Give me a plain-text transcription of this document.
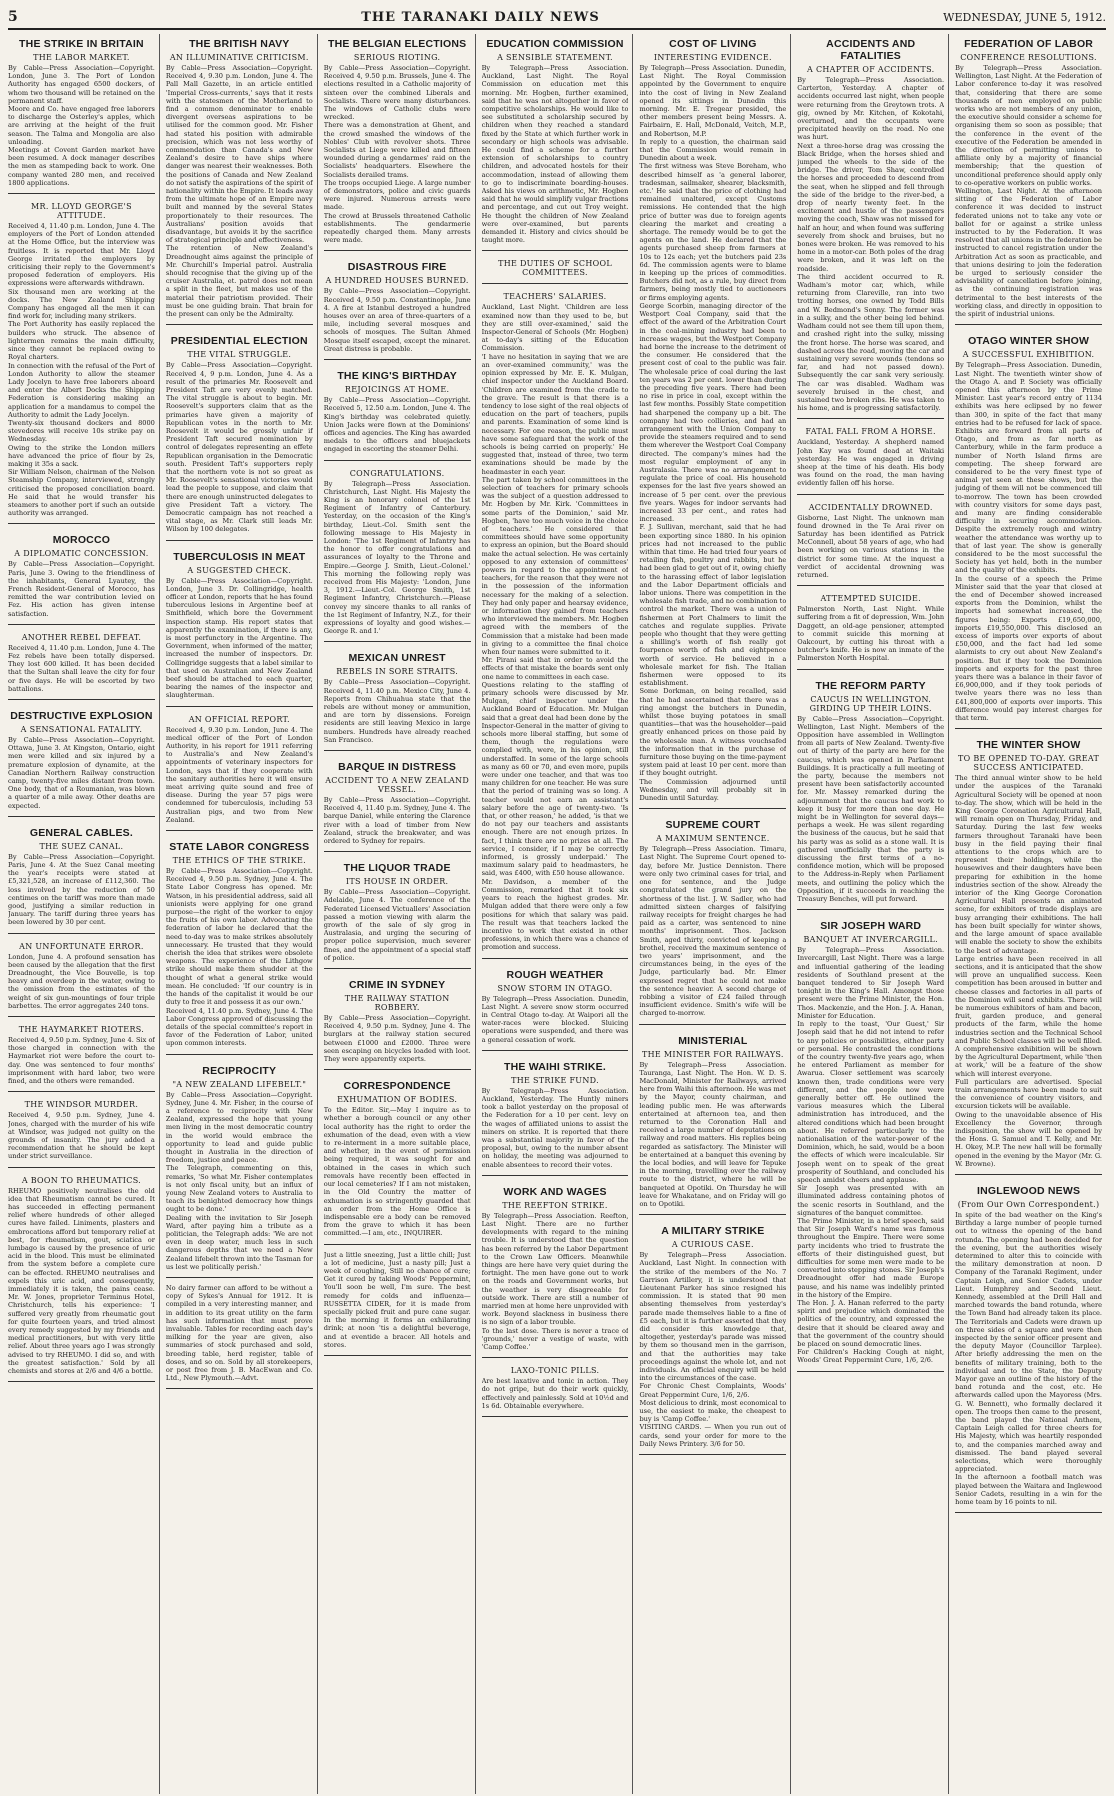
5	THE TARANAKI DAILY NEWS	WEDNESDAY, JUNE 5, 1912.
THE STRIKE IN BRITAIN
THE LABOR MARKET.

By Cable—Press Association—Copyright. London, June 3. The Port of London Authority has engaged 6500 dockers, of whom two thousand will be retained on the permanent staff.

Moore and Co. have engaged free laborers to discharge the Osterley's apples, which are arriving at the height of the fruit season. The Talma and Mongolia are also unloading.

Meetings at Covent Garden market have been resumed. A dock manager describes the men as stampeding back to work. One company wanted 280 men, and received 1800 applications.

MR. LLOYD GEORGE'S ATTITUDE.

Received 4, 11.40 p.m. London, June 4. The employers of the Port of London attended at the Home Office, but the interview was fruitless. It is reported that Mr. Lloyd George irritated the employers by criticising their reply to the Government's proposed federation of employers. His expressions were afterwards withdrawn.

Six thousand men are working at the docks. The New Zealand Shipping Company has engaged all the men it can find work for, including many strikers.

The Port Authority has easily replaced the builders who struck. The absence of lightermen remains the main difficulty, since they cannot be replaced owing to Royal charters.

In connection with the refusal of the Port of London Authority to allow the steamer Lady Jocelyn to have free laborers aboard and enter the Albert Docks the Shipping Federation is considering making an application for a mandamus to compel the Authority to admit the Lady Jocelyn.

Twenty-six thousand dockers and 8000 stevedores will receive 10s strike pay on Wednesday.

Owing to the strike the London millers have advanced the price of flour by 2s, making it 35s a sack.

Sir William Nelson, chairman of the Nelson Steamship Company, interviewed, strongly criticised the proposed conciliation board. He said that he would transfer his steamers to another port if such an outside authority was arranged.

MOROCCO
A DIPLOMATIC CONCESSION.

By Cable—Press Association—Copyright. Paris, June 3. Owing to the friendliness of the inhabitants, General Lyautey, the French Resident-General of Morocco, has remitted the war contribution levied on Fez. His action has given intense satisfaction.

ANOTHER REBEL DEFEAT.

Received 4, 11.40 p.m. London, June 4. The Fez rebels have been totally dispersed. They lost 600 killed. It has been decided that the Sultan shall leave the city for four or five days. He will be escorted by two battalions.

DESTRUCTIVE EXPLOSION
A SENSATIONAL FATALITY.

By Cable—Press Association—Copyright. Ottawa, June 3. At Kingston, Ontario, eight men were killed and six injured by a premature explosion of dynamite, at the Canadian Northern Railway construction camp, twenty-five miles distant from town. One body, that of a Roumanian, was blown a quarter of a mile away. Other deaths are expected.

GENERAL CABLES.
THE SUEZ CANAL.

By Cable—Press Association—Copyright. Paris, June 4. At the Suez Canal meeting the year's receipts were stated at £5,321,528, an increase of £112,360. The loss involved by the reduction of 50 centimes on the tariff was more than made good, justifying a similar reduction in January. The tariff during three years has been lowered by 30 per cent.

AN UNFORTUNATE ERROR.

London, June 4. A profound sensation has been caused by the allegation that the first Dreadnought, the Vice Bouvelle, is top heavy and overdeep in the water, owing to the omission from the estimates of the weight of six gun-mountings of four triple barbettes. The error aggregates 240 tons.

THE HAYMARKET RIOTERS.

Received 4, 9.50 p.m. Sydney, June 4. Six of those charged in connection with the Haymarket riot were before the court to-day. One was sentenced to four months' imprisonment with hard labor, two were fined, and the others were remanded.

THE WINDSOR MURDER.

Received 4, 9.50 p.m. Sydney, June 4. Jones, charged with the murder of his wife at Windsor, was judged not guilty on the grounds of insanity. The jury added a recommendation that he should be kept under strict surveillance.

A BOON TO RHEUMATICS.

RHEUMO positively neutralises the old idea that Rheumatism cannot be cured. It has succeeded in effecting permanent relief where hundreds of other alleged cures have failed. Liniments, plasters and embrocations afford but temporary relief at best, for rheumatism, gout, sciatica or lumbago is caused by the presence of uric acid in the blood. This must be eliminated from the system before a complete cure can be effected. RHEUMO neutralises and expels this uric acid, and consequently, immediately it is taken, the pains cease. Mr. W. Jones, proprietor Terminus Hotel, Christchurch, tells his experience: 'I suffered very greatly from rheumatic gout for quite fourteen years, and tried almost every remedy suggested by my friends and medical practitioners, but with very little relief. About three years ago I was strongly advised to try RHEUMO. I did so, and with the greatest satisfaction.' Sold by all chemists and stores at 2/6 and 4/6 a bottle.

THE BRITISH NAVY
AN ILLUMINATIVE CRITICISM.

By Cable—Press Association—Copyright. Received 4, 9.30 p.m. London, June 4. The Pall Mall Gazette, in an article entitled 'Imperial Cross-currents,' says that it rests with the statesmen of the Motherland to find a common denominator to enable divergent overseas aspirations to be utilised for the common good. Mr. Fisher had stated his position with admirable precision, which was not less worthy of commendation than Canada's and New Zealand's desire to have ships where danger was nearest their weaknesses. Both the positions of Canada and New Zealand do not satisfy the aspirations of the spirit of nationality within the Empire. It leads away from the ultimate hope of an Empire navy built and manned by the several States proportionately to their resources. The Australians' position avoids that disadvantage, but avoids it by the sacrifice of strategical principle and effectiveness.

The retention of New Zealand's Dreadnought aims against the principle of Mr. Churchill's Imperial patrol. Australia should recognise that the giving up of the cruiser Australia, et. patrol does not mean a split in the fleet, but makes use of the material their patriotism provided. Their must be one guiding brain. That brain for the present can only be the Admiralty.

PRESIDENTIAL ELECTION
THE VITAL STRUGGLE.

By Cable—Press Association—Copyright. Received 4, 9 p.m. London, June 4. As a result of the primaries Mr. Roosevelt and President Taft are very evenly matched. The vital struggle is about to begin. Mr. Roosevelt's supporters claim that as the primaries have given a majority of Republican votes in the north to Mr. Roosevelt it would be grossly unfair if President Taft secured nomination by control of delegates representing an effete Republican organisation in the Democratic south. President Taft's supporters reply that the northern vote is not so great as Mr. Roosevelt's sensational victories would lead the people to suppose, and claim that there are enough uninstructed delegates to give President Taft a victory. The Democratic campaign has not reached a vital stage, as Mr. Clark still leads Mr. Wilson by 100 delegates.

TUBERCULOSIS IN MEAT
A SUGGESTED CHECK.

By Cable—Press Association—Copyright. London, June 3. Dr. Collingridge, health officer at London, reports that he has found tuberculous lesions in Argentine beef at Smithfield, which bore the Government inspection stamp. His report states that apparently the examination, if there is any, is most perfunctory in the Argentine. The Government, when informed of the matter, increased the number of inspectors. Dr. Collingridge suggests that a label similar to that used on Australian and New Zealand beef should be attached to each quarter, bearing the names of the inspector and slaughterman.

AN OFFICIAL REPORT.

Received 4, 9.30 p.m. London, June 4. The medical officer of the Port of London Authority, in his report for 1911 referring to Australia's and New Zealand's appointments of veterinary inspectors for London, says that if they cooperate with the sanitary authorities here it will ensure meat arriving quite sound and free of disease. During the year 57 pigs were condemned for tuberculosis, including 53 Australian pigs, and two from New Zealand.

STATE LABOR CONGRESS
THE ETHICS OF THE STRIKE.

By Cable—Press Association—Copyright. Received 4, 9.50 p.m. Sydney, June 4. The State Labor Congress has opened. Mr. Watson, in his presidential address, said all unionists were applying for one grand purpose—the right of the worker to enjoy the fruits of his own labor. Advocating the federation of labor he declared that the need to-day was to make strikes absolutely unnecessary. He trusted that they would cherish the idea that strikes were obsolete weapons. The experience of the Lithgow strike should make them shudder at the thought of what a general strike would mean. He concluded: 'If our country is in the hands of the capitalist it would be our duty to free it and possess it as our own.'

Received 4, 11.40 p.m. Sydney, June 4. The Labor Congress approved of discussing the details of the special committee's report in favor of the Federation of Labor, united upon common interests.

RECIPROCITY
"A NEW ZEALAND LIFEBELT."

By Cable—Press Association—Copyright. Sydney, June 4. Mr. Fisher, in the course of a reference to reciprocity with New Zealand, expressed the hope that young men living in the most democratic country in the world would embrace the opportunity to lead and guide public thought in Australia in the direction of freedom, justice and peace.

The Telegraph, commenting on this, remarks, 'So what Mr. Fisher contemplates is not only fiscal unity, but an influx of young New Zealand voters to Australia to teach its benighted democracy how things ought to be done.'

Dealing with the invitation to Sir Joseph Ward, after paying him a tribute as a politician, the Telegraph adds: 'We are not even in deep water, much less in such dangerous depths that we need a New Zealand lifebelt thrown into the Tasman for us lest we politically perish.'

No dairy farmer can afford to be without a copy of Sykes's Annual for 1912. It is compiled in a very interesting manner, and in addition to its great utility on the farm has such information that must prove invaluable. Tables for recording each day's milking for the year are given, also summaries of stock purchased and sold, breeding table, herd register, table of doses, and so on. Sold by all storekeepers, or post free from J. B. MacEwan and Co. Ltd., New Plymouth.—Advt.

THE BELGIAN ELECTIONS
SERIOUS RIOTING.

By Cable—Press Association—Copyright. Received 4, 9.50 p.m. Brussels, June 4. The elections resulted in a Catholic majority of sixteen over the combined Liberals and Socialists. There were many disturbances. The windows of Catholic clubs were wrecked.

There was a demonstration at Ghent, and the crowd smashed the windows of the Nobles' Club with revolver shots. Three Socialists at Liege were killed and fifteen wounded during a gendarmes' raid on the Socialists' headquarters. Elsewhere the Socialists derailed trams.

The troops occupied Liege. A large number of demonstrators, police and civic guards were injured. Numerous arrests were made.

The crowd at Brussels threatened Catholic establishments. The gendarmerie repeatedly charged them. Many arrests were made.

DISASTROUS FIRE
A HUNDRED HOUSES BURNED.

By Cable—Press Association—Copyright. Received 4, 9.50 p.m. Constantinople, June 4. A fire at Istanbul destroyed a hundred houses over an area of three-quarters of a mile, including several mosques and schools of mosques. The Sultan Ahmed Mosque itself escaped, except the minaret. Great distress is probable.

THE KING'S BIRTHDAY
REJOICINGS AT HOME.

By Cable—Press Association—Copyright. Received 5, 12.50 a.m. London, June 4. The King's birthday was celebrated quietly. Union Jacks were flown at the Dominions' offices and agencies. The King has awarded medals to the officers and bluejackets engaged in escorting the steamer Delhi.

CONGRATULATIONS.

By Telegraph—Press Association. Christchurch, Last Night. His Majesty the King is an honorary colonel of the 1st Regiment of Infantry of Canterbury. Yesterday, on the occasion of the King's birthday, Lieut.-Col. Smith sent the following message to His Majesty in London: 'The 1st Regiment of Infantry has the honor to offer congratulations and assurances of loyalty to the Throne and Empire.—George J. Smith, Lieut.-Colonel.' This morning the following reply was received from His Majesty: 'London, June 3, 1912.—Lieut.-Col. George Smith, 1st Regiment Infantry, Christchurch.—Please convey my sincere thanks to all ranks of the 1st Regiment of Infantry, N.Z., for their expressions of loyalty and good wishes.—George R. and I.'

MEXICAN UNREST
REBELS IN SORE STRAITS.

By Cable—Press Association—Copyright. Received 4, 11.40 p.m. Mexico City, June 4. Reports from Chihuahua state that the rebels are without money or ammunition, and are torn by dissensions. Foreign residents are still leaving Mexico in large numbers. Hundreds have already reached San Francisco.

BARQUE IN DISTRESS
ACCIDENT TO A NEW ZEALAND VESSEL.

By Cable—Press Association—Copyright. Received 4, 11.40 p.m. Sydney, June 4. The barque Daniel, while entering the Clarence river with a load of timber from New Zealand, struck the breakwater, and was ordered to Sydney for repairs.

THE LIQUOR TRADE
ITS HOUSE IN ORDER.

By Cable—Press Association—Copyright. Adelaide, June 4. The conference of the Federated Licensed Victuallers' Association passed a motion viewing with alarm the growth of the sale of sly grog in Australasia, and urging the securing of proper police supervision, much severer fines, and the appointment of a special staff of police.

CRIME IN SYDNEY
THE RAILWAY STATION ROBBERY.

By Cable—Press Association—Copyright. Received 4, 9.50 p.m. Sydney, June 4. The burglars at the railway station secured between £1000 and £2000. Three were seen escaping on bicycles loaded with loot. They were apparently experts.

CORRESPONDENCE
EXHUMATION OF BODIES.

To the Editor. Sir,—May I inquire as to whether a borough council or any other local authority has the right to order the exhumation of the dead, even with a view to re-interment in a more suitable place, and whether, in the event of permission being required, it was sought for and obtained in the cases in which such removals have recently been effected in our local cemeteries? If I am not mistaken, in the Old Country the matter of exhumation is so stringently guarded that an order from the Home Office is indispensable ere a body can be removed from the grave to which it has been committed.—I am, etc., INQUIRER.

Just a little sneezing, Just a little chill; Just a lot of medicine, Just a nasty pill; Just a week of coughing, Still no chance of cure; Get it cured by taking Woods' Peppermint, You'll soon be well, I'm sure. The best remedy for colds and influenza—RUSSETTA CIDER, for it is made from specially picked fruit and pure cane sugar. In the morning it forms an exhilarating drink; at noon 'tis a delightful beverage, and at eventide a bracer. All hotels and stores.

EDUCATION COMMISSION
A SENSIBLE STATEMENT.

By Telegraph—Press Association. Auckland, Last Night. The Royal Commission on education met this morning. Mr. Hogben, further examined, said that he was not altogether in favor of competitive scholarships. He would like to see substituted a scholarship secured by children when they reached a standard fixed by the State at which further work in secondary or high schools was advisable. He could find a scheme for a further extension of scholarships to country children, and advocated hostels for their accommodation, instead of allowing them to go to indiscriminate boarding-houses. Asked his views on arithmetic, Mr. Hogben said that he would simplify vulgar fractions and percentage, and cut out Troy weight. He thought the children of New Zealand were over-examined, but parents demanded it. History and civics should be taught more.

THE DUTIES OF SCHOOL COMMITTEES.
TEACHERS' SALARIES.

Auckland, Last Night. 'Children are less examined now than they used to be, but they are still over-examined,' said the Inspector-General of Schools (Mr. Hogben) at to-day's sitting of the Education Commission.

'I have no hesitation in saying that we are an over-examined community,' was the opinion expressed by Mr. E. K. Mulgan, chief inspector under the Auckland Board. 'Children are examined from the cradle to the grave. The result is that there is a tendency to lose sight of the real objects of education on the part of teachers, pupils and parents. Examination of some kind is necessary. For one reason, the public must have some safeguard that the work of the schools is being carried on properly.' He suggested that, instead of three, two term examinations should be made by the headmaster in each year.

The part taken by school committees in the selection of teachers for primary schools was the subject of a question addressed to Mr. Hogben by Mr. Kirk. 'Committees in some parts of the Dominion,' said Mr. Hogben, 'have too much voice in the choice of teachers.' He considered that committees should have some opportunity to express an opinion, but the Board should make the actual selection. He was certainly opposed to any extension of committees' powers in regard to the appointment of teachers, for the reason that they were not in the possession of the information necessary for the making of a selection. They had only paper and hearsay evidence, or information they gained from teachers who interviewed the members. Mr. Hogben agreed with the members of the Commission that a mistake had been made in giving to a committee the final choice when four names were submitted to it.

Mr. Pirani said that in order to avoid the effects of that mistake the boards sent only one name to committees in each case.

Questions relating to the staffing of primary schools were discussed by Mr. Mulgan, chief inspector under the Auckland Board of Education. Mr. Mulgan said that a great deal had been done by the Inspector-General in the matter of giving to schools more liberal staffing, but some of them, though the regulations were complied with, were, in his opinion, still understaffed. In some of the large schools as many as 60 or 70, and even more, pupils were under one teacher, and that was too many children for one teacher. He was sure that the period of training was so long. A teacher would not earn an assistant's salary before the age of twenty-two. 'Is that, or other reason,' he added, 'is that we do not pay our teachers and assistants enough. There are not enough prizes. In fact, I think there are no prizes at all. The service, I consider, if I may be correctly informed, is grossly underpaid.' The maximum salary paid to headmasters, he said, was £400, with £50 house allowance.

Mr. Davidson, a member of the Commission, remarked that it took six years to reach the highest grades. Mr. Mulgan added that there were only a few positions for which that salary was paid. The result was that teachers lacked the incentive to work that existed in other professions, in which there was a chance of promotion and success.

ROUGH WEATHER
SNOW STORM IN OTAGO.

By Telegraph—Press Association. Dunedin, Last Night. A severe snow storm occurred in Central Otago to-day. At Waipori all the water-races were blocked. Sluicing operations were suspended, and there was a general cessation of work.

THE WAIHI STRIKE.
THE STRIKE FUND.

By Telegraph—Press Association. Auckland, Yesterday. The Huntly miners took a ballot yesterday on the proposal of the Federation for a 10 per cent. levy on the wages of affiliated unions to assist the miners on strike. It is reported that there was a substantial majority in favor of the proposal, but, owing to the number absent on holiday, the meeting was adjourned to enable absentees to record their votes.

WORK AND WAGES
THE REEFTON STRIKE.

By Telegraph—Press Association. Reefton, Last Night. There are no further developments with regard to the mining trouble. It is understood that the question has been referred by the Labor Department to the Crown Law Officers. Meanwhile things are here have very quiet during the fortnight. The men have gone out to work on the roads and Government works, but the weather is very disagreeable for outside work. There are still a number of married men at home here unprovided with work. Beyond slackness in business there is no sign of a labor trouble.

To the last dose. There is never a trace of 'grounds,' never a vestige of waste, with 'Camp Coffee.'

LAXO-TONIC PILLS.

Are best laxative and tonic in action. They do not gripe, but do their work quickly, effectively and painlessly. Sold at 10½d and 1s 6d. Obtainable everywhere.

COST OF LIVING
INTERESTING EVIDENCE.

By Telegraph—Press Association. Dunedin, Last Night. The Royal Commission appointed by the Government to enquire into the cost of living in New Zealand opened its sittings in Dunedin this morning. Mr. E. Tregear presided, the other members present being Messrs. A. Fairbairn, E. Hall, McDonald, Veitch, M.P., and Robertson, M.P.

In reply to a question, the chairman said that the Commission would remain in Dunedin about a week.

The first witness was Steve Boreham, who described himself as 'a general laborer, tradesman, sailmaker, shearer, blacksmith, etc.' He said that the price of clothing had remained unaltered, except Customs remissions. He contended that the high price of butter was due to foreign agents clearing the market and creating a shortage. The remedy would be to get the agents on the land. He declared that the agents purchased sheep from farmers at 10s to 12s each; yet the butchers paid 23s 6d. The commission agents were to blame in keeping up the prices of commodities. Butchers did not, as a rule, buy direct from farmers, being mostly tied to auctioneers or firms employing agents.

George Scorbin, managing director of the Westport Coal Company, said that the effect of the award of the Arbitration Court in the coal-mining industry had been to increase wages, but the Westport Company had borne the increase to the detriment of the consumer. He considered that the present cost of coal to the public was fair. The wholesale price of coal during the last ten years was 2 per cent. lower than during the preceding five years. There had been no rise in price in coal, except within the last few months. Possibly State competition had sharpened the company up a bit. The company had two collieries, and had an arrangement with the Union Company to provide the steamers required and to send them wherever the Westport Coal Company directed. The company's mines had the most regular employment of any in Australasia. There was no arrangement to regulate the price of coal. His household expenses for the last five years showed an increase of 5 per cent. over the previous five years. Wages for indoor servants had increased 33 per cent., and rates had increased.

F. J. Sullivan, merchant, said that he had been exporting since 1880. In his opinion prices had not increased to the public within that time. He had tried four years of retailing fish, poultry and rabbits, but he had been glad to get out of it, owing chiefly to the harassing effect of labor legislation and the Labor Department officials and labor unions. There was competition in the wholesale fish trade, and no combination to control the market. There was a union of fishermen at Port Chalmers to limit the catches and regulate supplies. Private people who thought that they were getting a shilling's worth of fish really got fourpence worth of fish and eightpence worth of service. He believed in a wholesale market for fish. The Italian fishermen were opposed to its establishment.

Some Dorkman, on being recalled, said that he had ascertained that there was a ring amongst the butchers in Dunedin, whilst those buying potatoes in small quantities—that was the householder—paid greatly enhanced prices on those paid by the wholesale man. A witness vouchsafed the information that in the purchase of furniture those buying on the time-payment system paid at least 10 per cent. more than if they bought outright.

The Commission adjourned until Wednesday, and will probably sit in Dunedin until Saturday.

SUPREME COURT
A MAXIMUM SENTENCE.

By Telegraph—Press Association. Timaru, Last Night. The Supreme Court opened to-day, before Mr. Justice Denniston. There were only two criminal cases for trial, and one for sentence, and the Judge congratulated the grand jury on the shortness of the list. J. W. Sadler, who had admitted sixteen charges of falsifying railway receipts for freight charges he had paid as a carter, was sentenced to nine months' imprisonment. Thos. Jackson Smith, aged thirty, convicted of keeping a brothel, received the maximum sentence of two years' imprisonment, and the circumstances being, in the eyes of the Judge, particularly bad. Mr. Elmer expressed regret that he could not make the sentence heavier. A second charge of robbing a visitor of £24 failed through insufficient evidence. Smith's wife will be charged to-morrow.

MINISTERIAL
THE MINISTER FOR RAILWAYS.

By Telegraph—Press Association. Tauranga, Last Night. The Hon. W. D. S. MacDonald, Minister for Railways, arrived here from Waihi this afternoon. He was met by the Mayor, county chairman, and leading public men. He was afterwards entertained at afternoon tea, and then returned to the Coronation Hall and received a large number of deputations on railway and road matters. His replies being regarded as satisfactory. The Minister will be entertained at a banquet this evening by the local bodies, and will leave for Tepuke in the morning, travelling over the railway route to the district, where he will be banqueted at Opotiki. On Thursday he will leave for Whakatane, and on Friday will go on to Opotiki.

A MILITARY STRIKE
A CURIOUS CASE.

By Telegraph—Press Association. Auckland, Last Night. In connection with the strike of the members of the No. 7 Garrison Artillery, it is understood that Lieutenant Parker has since resigned his commission. It is stated that 90 men absenting themselves from yesterday's parade made themselves liable to a fine of £5 each, but it is further asserted that they did consider this knowledge that, altogether, yesterday's parade was missed by them so thousand men in the garrison, and that the authorities may take proceedings against the whole lot, and not individuals. An official enquiry will be held into the circumstances of the case.

For Chronic Chest Complaints, Woods' Great Peppermint Cure, 1/6, 2/6.

Most delicious to drink, most economical to use, the easiest to make, the cheapest to buy is 'Camp Coffee.'

VISITING CARDS. — When you run out of cards, send your order for more to the Daily News Printery. 3/6 for 50.

ACCIDENTS AND FATALITIES
A CHAPTER OF ACCIDENTS.

By Telegraph—Press Association. Carterton, Yesterday. A chapter of accidents occurred last night, when people were returning from the Greytown trots. A gig, owned by Mr. Kitchen, of Kokotahi, overturned, and the occupants were precipitated heavily on the road. No one was hurt.

Next a three-horse drag was crossing the Black Bridge, when the horses shied and jumped the wheels to the side of the bridge. The driver, Tom Shaw, controlled the horses and proceeded to descend from the seat, when he slipped and fell through the side of the bridge to the river-bed, a drop of nearly twenty feet. In the excitement and hustle of the passengers moving the coach, Shaw was not missed for half an hour, and when found was suffering severely from shock and bruises, but no bones were broken. He was removed to his home in a motor-car. Both poles of the drag were broken, and it was left on the roadside.

The third accident occurred to R. Wadham's motor car, which, while returning from Clareville, ran into two trotting horses, one owned by Todd Bills and W. Bedmond's Sonny. The former was in a sulky, and the other being led behind. Wadham could not see them till upon them, and crashed right into the sulky, missing the front horse. The horse was scared, and dashed across the road, moving the car and sustaining very severe wounds (tendons so far, and had not passed down). Subsequently the car sank very seriously. The car was disabled. Wadham was severely bruised in the chest, and sustained two broken ribs. He was taken to his home, and is progressing satisfactorily.

FATAL FALL FROM A HORSE.

Auckland, Yesterday. A shepherd named John Kay was found dead at Waitaki yesterday. He was engaged in driving sheep at the time of his death. His body was found on the road, the man having evidently fallen off his horse.

ACCIDENTALLY DROWNED.

Gisborne, Last Night. The unknown man found drowned in the Te Arai river on Saturday has been identified as Patrick McConnell, about 58 years of age, who had been working on various stations in the district for some time. At the inquest a verdict of accidental drowning was returned.

ATTEMPTED SUICIDE.

Palmerston North, Last Night. While suffering from a fit of depression, Wm. John Daggett, an old-age pensioner, attempted to commit suicide this morning at Oakcourt, by cutting his throat with a butcher's knife. He is now an inmate of the Palmerston North Hospital.

THE REFORM PARTY
CAUCUS IN WELLINGTON. GIRDING UP THEIR LOINS.

By Cable—Press Association—Copyright. Wellington, Last Night. Members of the Opposition have assembled in Wellington from all parts of New Zealand. Twenty-five out of thirty of the party are here for the caucus, which was opened in Parliament Buildings. It is practically a full meeting of the party, because the members not present have been satisfactorily accounted for. Mr. Massey remarked during the adjournment that the caucus had work to keep it busy for more than one day. He might be in Wellington for several days—perhaps a week. He was silent regarding the business of the caucus, but he said that his party was as solid as a stone wall. It is gathered unofficially that the party is discussing the first terms of a no-confidence motion, which will be proposed to the Address-in-Reply when Parliament meets, and outlining the policy which the Opposition, if it succeeds in reaching the Treasury Benches, will put forward.

SIR JOSEPH WARD
BANQUET AT INVERCARGILL.

By Telegraph—Press Association. Invercargill, Last Night. There was a large and influential gathering of the leading residents of Southland present at the banquet tendered to Sir Joseph Ward tonight in the King's Hall. Amongst those present were the Prime Minister, the Hon. Thos. Mackenzie, and the Hon. J. A. Hanan, Minister for Education.

In reply to the toast, 'Our Guest,' Sir Joseph said that he did not intend to refer to any policies or possibilities, either party or personal. He contrasted the conditions of the country twenty-five years ago, when he entered Parliament as member for Awarua. Closer settlement was scarcely known then, trade conditions were very different, and the people now were generally better off. He outlined the various measures which the Liberal administration has introduced, and the altered conditions which had been brought about. He referred particularly to the nationalisation of the water-power of the Dominion, which, he said, would be a boon the effects of which were incalculable. Sir Joseph went on to speak of the great prosperity of Southland, and concluded his speech amidst cheers and applause.

Sir Joseph was presented with an illuminated address containing photos of the scenic resorts in Southland, and the signatures of the banquet committee.

The Prime Minister, in a brief speech, said that Sir Joseph Ward's name was famous throughout the Empire. There were some party incidents who tried to frustrate the efforts of their distinguished guest, but difficulties for some men were made to be converted into stepping stones. Sir Joseph's Dreadnought offer had made Europe pause, and his name was indelibly printed in the history of the Empire.

The Hon. J. A. Hanan referred to the party spirit and prejudice which dominated the politics of the country, and expressed the desire that it should be cleared away and that the government of the country should be placed on sound democratic lines.

For Children's Hacking Cough at night, Woods' Great Peppermint Cure, 1/6, 2/6.

FEDERATION OF LABOR
CONFERENCE RESOLUTIONS.

By Telegraph—Press Association. Wellington, Last Night. At the Federation of Labor conference to-day it was resolved that, considering that there are some thousands of men employed on public works who are not members of any union, the executive should consider a scheme for organising them so soon as possible; that the conference in the event of the executive of the Federation be amended in the direction of permitting unions to affiliate only by a majority of financial membership; that the question of unconditional preference should apply only to co-operative workers on public works.

Wellington, Last Night. At the afternoon sitting of the Federation of Labor conference it was decided to instruct federated unions not to take any vote or ballot for or against a strike unless instructed to by the Federation. It was resolved that all unions in the federation be instructed to cancel registration under the Arbitration Act as soon as practicable, and that unions desiring to join the federation be urged to seriously consider the advisability of cancellation before joining, as the continuing registration was detrimental to the best interests of the working class, and directly in opposition to the spirit of industrial unions.

OTAGO WINTER SHOW
A SUCCESSFUL EXHIBITION.

By Telegraph—Press Association. Dunedin, Last Night. The twentieth winter show of the Otago A. and P. Society was officially opened this afternoon by the Prime Minister. Last year's record entry of 1134 exhibits was here eclipsed by no fewer than 300, in spite of the fact that many entries had to be refused for lack of space. Exhibits are forward from all parts of Otago, and from as far north as Canterbury, while in the farm produce a number of North Island firms are competing. The sheep forward are considered to be the very finest type of animal yet seen at these shows, but the judging of them will not be commenced till to-morrow. The town has been crowded with country visitors for some days past, and many are finding considerable difficulty in securing accommodation. Despite the extremely rough and wintry weather the attendance was worthy up to that of last year. The show is generally considered to be the most successful the Society has yet held, both in the number and the quality of the exhibits.

In the course of a speech the Prime Minister said that the year that closed at the end of December showed increased exports from the Dominion, whilst the imports had somewhat increased, the figures being: Exports £19,650,000, imports £19,550,000. This disclosed an excess of imports over exports of about £50,000, and the fact had led some alarmists to cry out about New Zealand's position. But if they took the Dominion imports and exports for the past three years there was a balance in their favor of £6,900,000, and if they took periods of twelve years there was no less than £41,800,000 of exports over imports. This difference would pay interest charges for that term.

THE WINTER SHOW
TO BE OPENED TO-DAY. GREAT SUCCESS ANTICIPATED.

The third annual winter show to be held under the auspices of the Taranaki Agricultural Society will be opened at noon to-day. The show, which will be held in the King George Coronation Agricultural Hall, will remain open on Thursday, Friday, and Saturday. During the last few weeks farmers throughout Taranaki have been busy in the field paying their final attentions to the crops which are to represent their holdings, while the housewives and their daughters have been preparing for exhibition in the home industries section of the show. Already the interior of the King George Coronation Agricultural Hall presents an animated scene, for exhibitors of trade displays are busy arranging their exhibitions. The hall has been built specially for winter shows, and the large amount of space available will enable the society to show the exhibits to the best of advantage.

Large entries have been received in all sections, and it is anticipated that the show will prove an unqualified success. Keen competition has been aroused in butter and cheese classes and factories in all parts of the Dominion will send exhibits. There will be numerous exhibitors of ham and bacon, fruit, garden produce, and general products of the farm, while the home industries section and the Technical School and Public School classes will be well filled. A comprehensive exhibition will be shown by the Agricultural Department, while 'then at work,' will be a feature of the show which will interest everyone.

Full particulars are advertised. Special train arrangements have been made to suit the convenience of country visitors, and excursion tickets will be available.

Owing to the unavoidable absence of His Excellency the Governor, through indisposition, the show will be opened by the Hons. G. Samuel and T. Kelly, and Mr. H. Okey, M.P. The new hall will be formally opened in the evening by the Mayor (Mr. G. W. Browne).

INGLEWOOD NEWS
(From Our Own Correspondent.)

In spite of the bad weather on the King's Birthday a large number of people turned out to witness the opening of the band rotunda. The opening had been decided for the evening, but the authorities wisely determined to alter this to coincide with the military demonstration at noon. D Company of the Taranaki Regiment, under Captain Leigh, and Senior Cadets, under Lieut. Humphrey and Second Lieut. Kennedy, assembled at the Drill Hall and marched towards the band rotunda, where the Town Band had already taken its place. The Territorials and Cadets were drawn up on three sides of a square and were then inspected by the senior officer present and the deputy Mayor (Councillor Tarplee). After briefly addressing the men on the benefits of military training, both to the individual and to the State, the Deputy Mayor gave an outline of the history of the band rotunda and the cost, etc. He afterwards called upon the Mayoress (Mrs. G. W. Bennett), who formally declared it open. The troops then came to the present, the band played the National Anthem, Captain Leigh called for three cheers for His Majesty, which was heartily responded to, and the companies marched away and dismissed. The band played several selections, which were thoroughly appreciated.

In the afternoon a football match was played between the Waitara and Inglewood Senior Cadets, resulting in a win for the home team by 16 points to nil.
